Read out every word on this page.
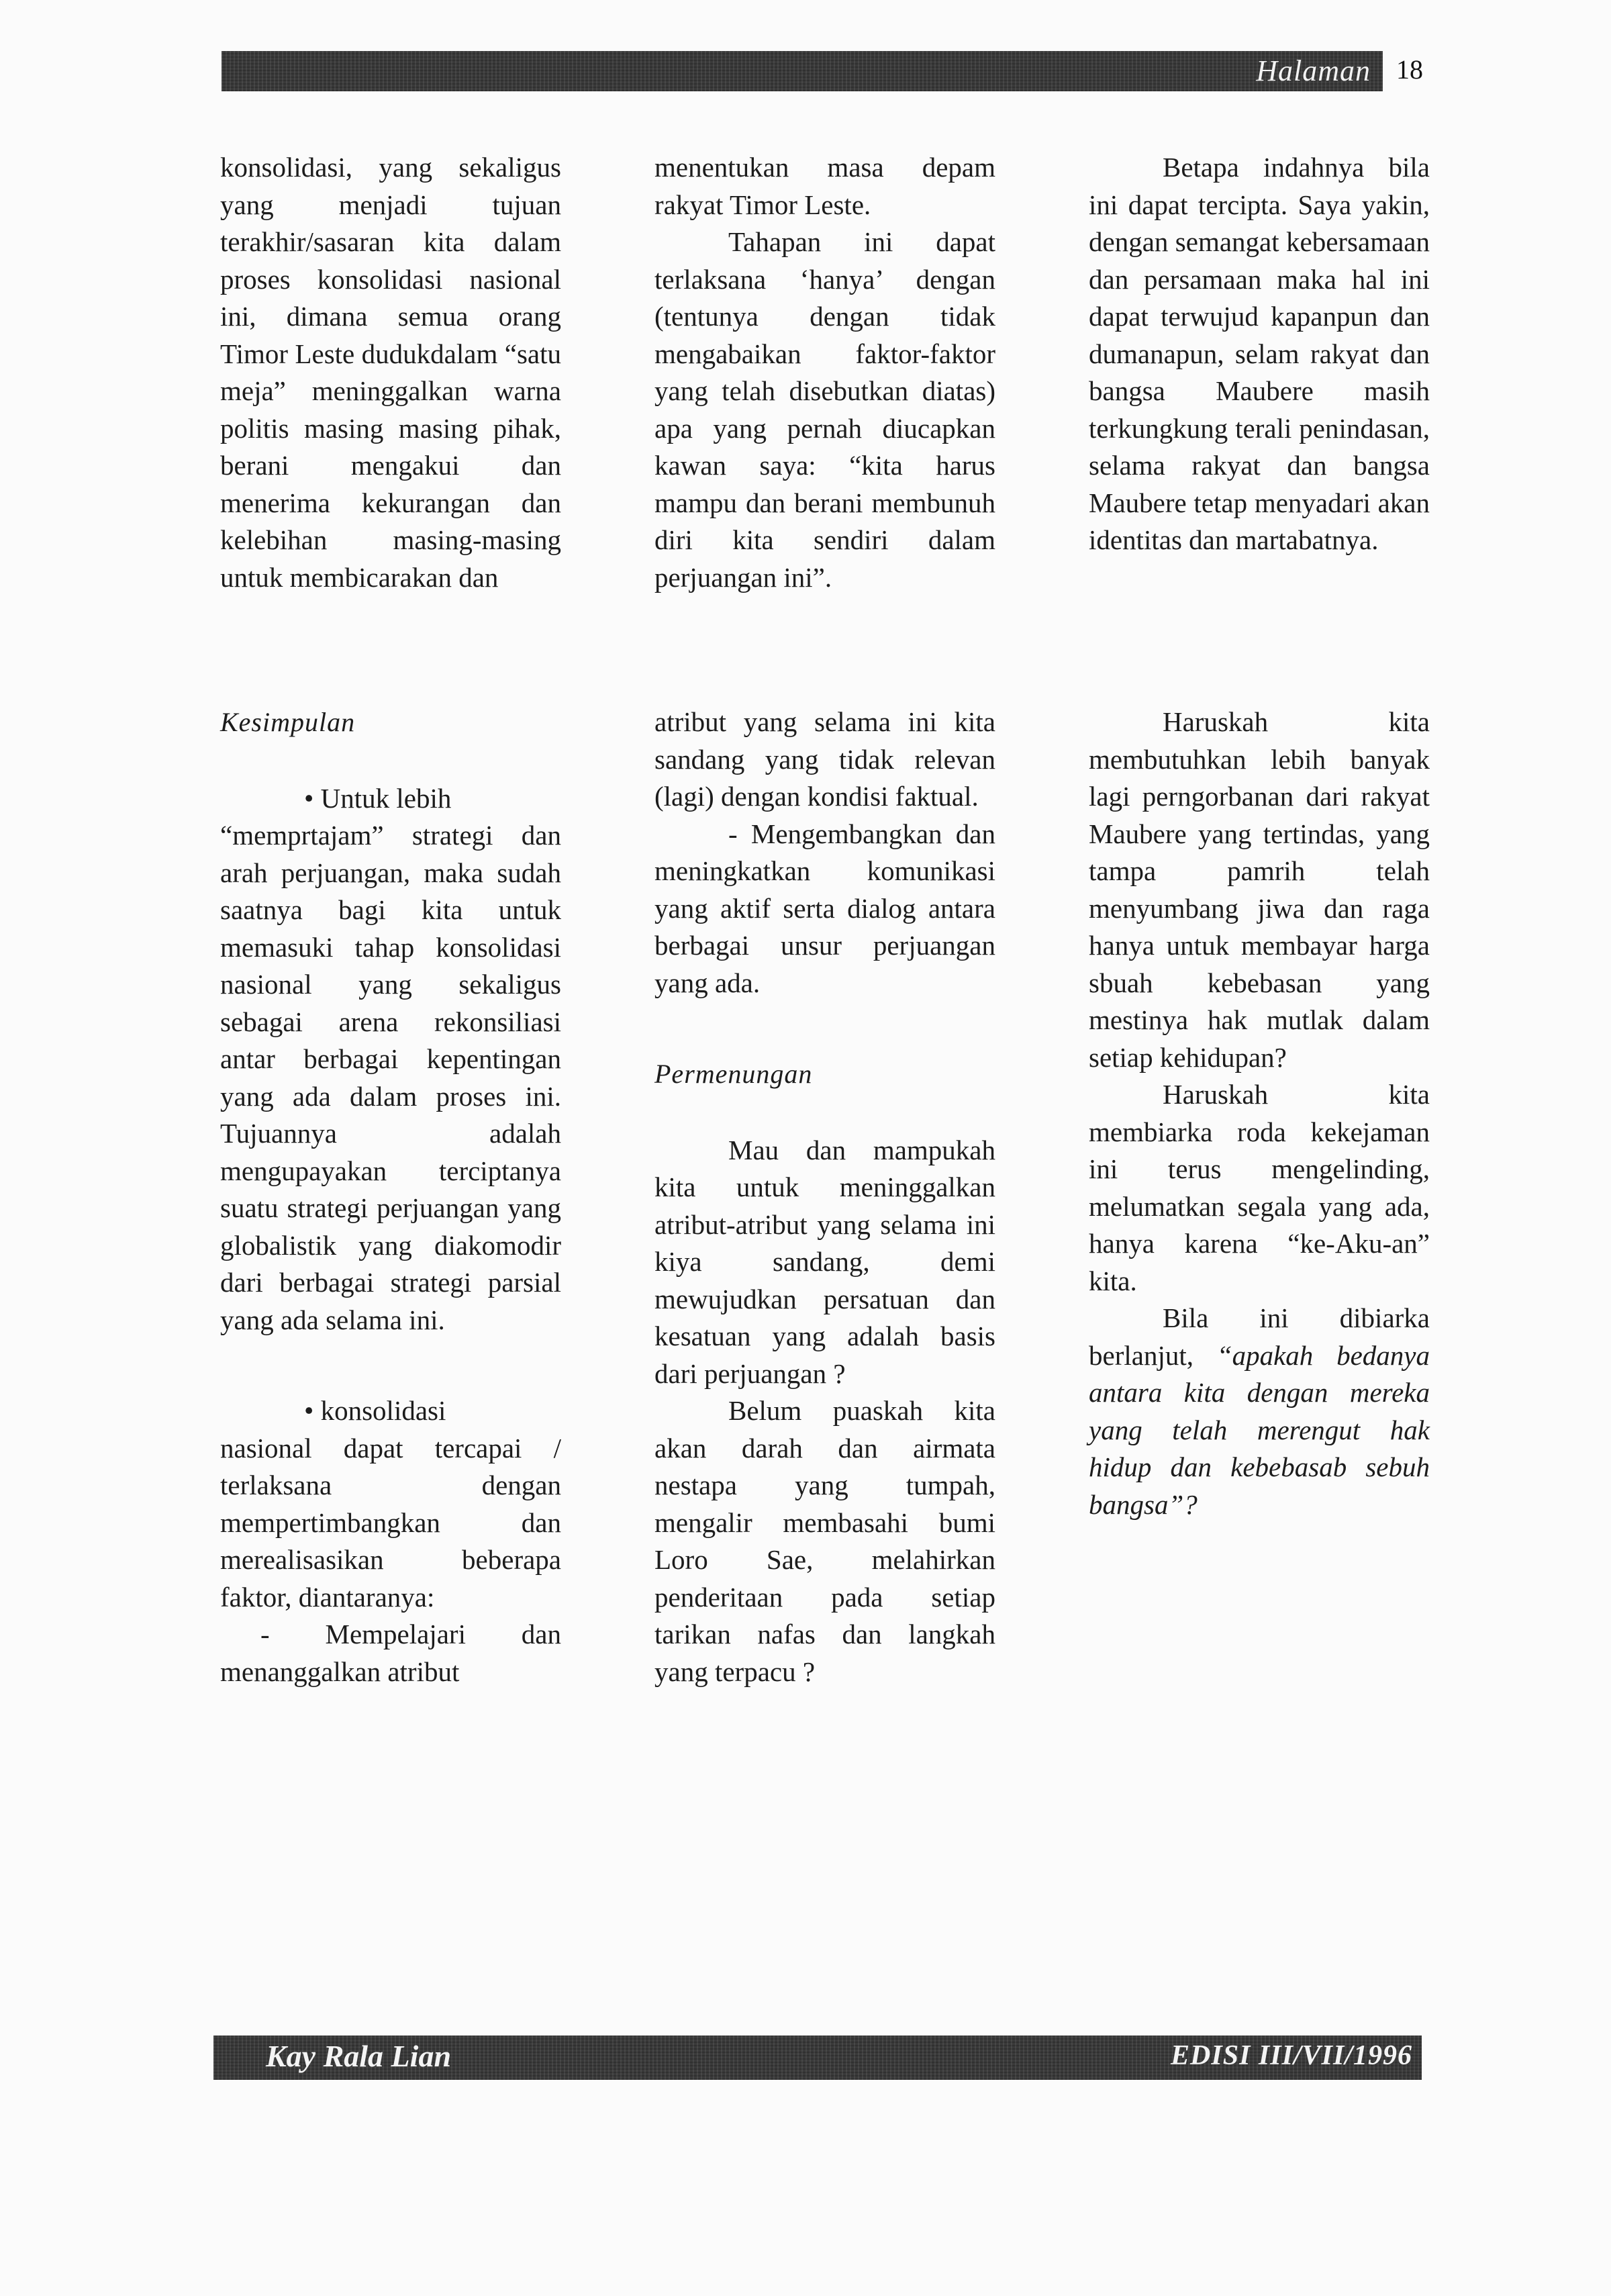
Halaman 18

konsolidasi, yang sekaligus yang menjadi tujuan terakhir/sasaran kita dalam proses konsolidasi nasional ini, dimana semua orang Timor Leste dudukdalam “satu meja” meninggalkan warna politis masing masing pihak, berani mengakui dan menerima kekurangan dan kelebihan masing-masing untuk membicarakan dan

menentukan masa depam rakyat Timor Leste.

Tahapan ini dapat terlaksana ‘hanya’ dengan (tentunya dengan tidak mengabaikan faktor-faktor yang telah disebutkan diatas) apa yang pernah diucapkan kawan saya: “kita harus mampu dan berani membunuh diri kita sendiri dalam perjuangan ini”.

Betapa indahnya bila ini dapat tercipta. Saya yakin, dengan semangat kebersamaan dan persamaan maka hal ini dapat terwujud kapanpun dan dumanapun, selam rakyat dan bangsa Maubere masih terkungkung terali penindasan, selama rakyat dan bangsa Maubere tetap menyadari akan identitas dan martabatnya.

Kesimpulan

• Untuk lebih

“memprtajam” strategi dan arah perjuangan, maka sudah saatnya bagi kita untuk memasuki tahap konsolidasi nasional yang sekaligus sebagai arena rekonsiliasi antar berbagai kepentingan yang ada dalam proses ini. Tujuannya adalah mengupayakan terciptanya suatu strategi perjuangan yang globalistik yang diakomodir dari berbagai strategi parsial yang ada selama ini.

• konsolidasi

nasional dapat tercapai / terlaksana dengan mempertimbangkan dan merealisasikan beberapa faktor, diantaranya:

- Mempelajari dan menanggalkan atribut

atribut yang selama ini kita sandang yang tidak relevan (lagi) dengan kondisi faktual.

- Mengembangkan dan meningkatkan komunikasi yang aktif serta dialog antara berbagai unsur perjuangan yang ada.

Permenungan

Mau dan mampukah kita untuk meninggalkan atribut-atribut yang selama ini kiya sandang, demi mewujudkan persatuan dan kesatuan yang adalah basis dari perjuangan ?

Belum puaskah kita akan darah dan airmata nestapa yang tumpah, mengalir membasahi bumi Loro Sae, melahirkan penderitaan pada setiap tarikan nafas dan langkah yang terpacu ?

Haruskah kita membutuhkan lebih banyak lagi perngorbanan dari rakyat Maubere yang tertindas, yang tampa pamrih telah menyumbang jiwa dan raga hanya untuk membayar harga sbuah kebebasan yang mestinya hak mutlak dalam setiap kehidupan?

Haruskah kita membiarka roda kekejaman ini terus mengelinding, melumatkan segala yang ada, hanya karena “ke-Aku-an” kita.

Bila ini dibiarka berlanjut, “apakah bedanya antara kita dengan mereka yang telah merengut hak hidup dan kebebasab sebuh bangsa”?

Kay Rala Lian	EDISI III/VII/1996
